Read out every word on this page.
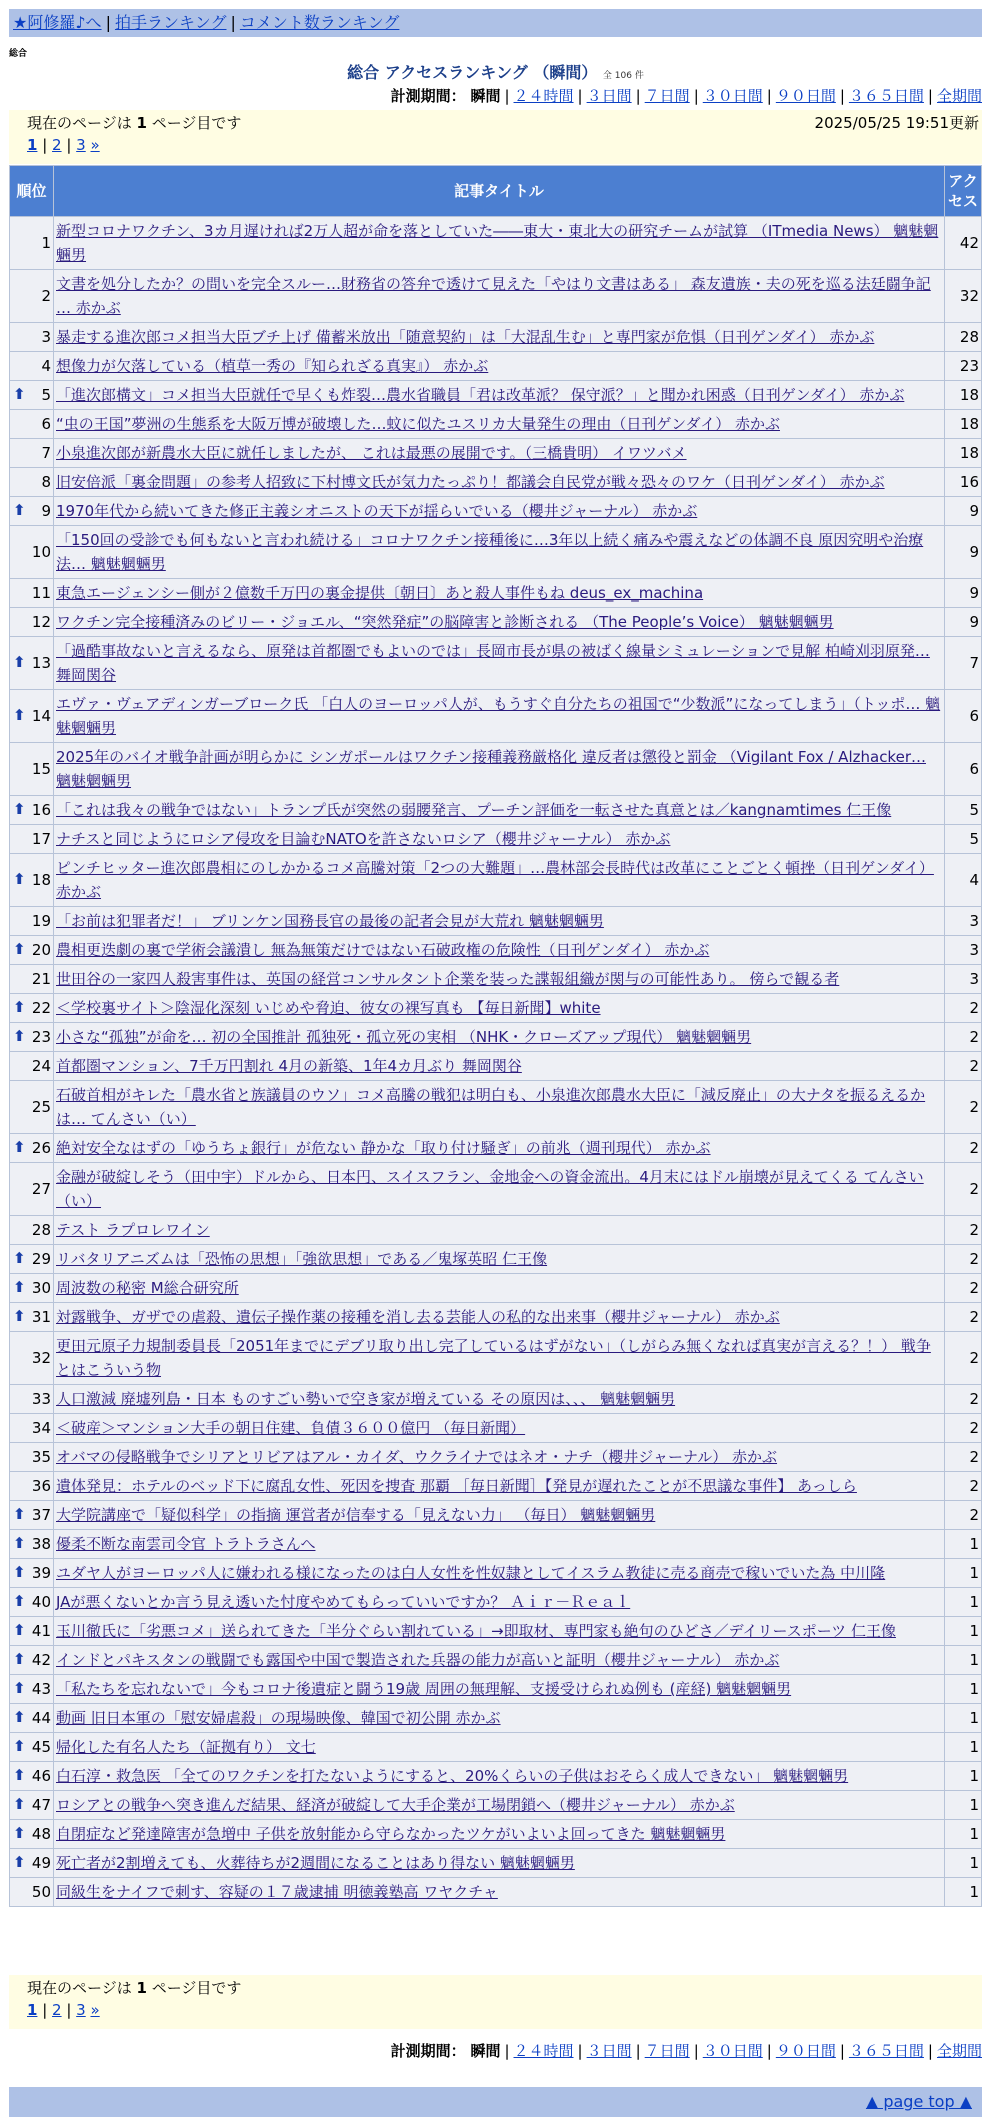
★阿修羅♪へ | 拍手ランキング | コメント数ランキング
総合
総合 アクセスランキング （瞬間） 全 106 件
計測期間： 瞬間 | ２４時間 | ３日間 | ７日間 | ３０日間 | ９０日間 | ３６５日間 | 全期間
現在のページは 1 ページ目です	2025/05/25 19:51更新
1 | 2 | 3 »
順位	記事タイトル	アクセス
1	新型コロナワクチン、3カ月遅ければ2万人超が命を落としていた――東大・東北大の研究チームが試算 （ITmedia News） 魑魅魍魎男	42
2	文書を処分したか？の問いを完全スルー…財務省の答弁で透けて見えた「やはり文書はある」 森友遺族・夫の死を巡る法廷闘争記 … 赤かぶ	32
3	暴走する進次郎コメ担当大臣ブチ上げ 備蓄米放出「随意契約」は「大混乱生む」と専門家が危惧（日刊ゲンダイ） 赤かぶ	28
4	想像力が欠落している（植草一秀の『知られざる真実』） 赤かぶ	23

⬆ 5	「進次郎構文」コメ担当大臣就任で早くも炸裂…農水省職員「君は改革派？ 保守派？」と聞かれ困惑（日刊ゲンダイ） 赤かぶ	18
6	“虫の王国”夢洲の生態系を大阪万博が破壊した…蚊に似たユスリカ大量発生の理由（日刊ゲンダイ） 赤かぶ	18
7	小泉進次郎が新農水大臣に就任しましたが、 これは最悪の展開です。（三橋貴明） イワツバメ	18
8	旧安倍派「裏金問題」の参考人招致に下村博文氏が気力たっぷり！都議会自民党が戦々恐々のワケ（日刊ゲンダイ） 赤かぶ	16

⬆ 9	1970年代から続いてきた修正主義シオニストの天下が揺らいでいる（櫻井ジャーナル） 赤かぶ	9
10	「150回の受診でも何もないと言われ続ける」コロナワクチン接種後に…3年以上続く痛みや震えなどの体調不良 原因究明や治療法… 魑魅魍魎男	9
11	東急エージェンシー側が２億数千万円の裏金提供〔朝日〕あと殺人事件もね deus_ex_machina	9
12	ワクチン完全接種済みのビリー・ジョエル、“突然発症”の脳障害と診断される （The People’s Voice） 魑魅魍魎男	9

⬆ 13	「過酷事故ないと言えるなら、原発は首都圏でもよいのでは」長岡市長が県の被ばく線量シミュレーションで見解 柏崎刈羽原発… 舞岡関谷	7

⬆ 14	エヴァ・ヴェアディンガーブローク氏 「白人のヨーロッパ人が、もうすぐ自分たちの祖国で“少数派”になってしまう」（トッポ… 魑魅魍魎男	6
15	2025年のバイオ戦争計画が明らかに シンガポールはワクチン接種義務厳格化 違反者は懲役と罰金 （Vigilant Fox / Alzhacker… 魑魅魍魎男	6

⬆ 16	「これは我々の戦争ではない」トランプ氏が突然の弱腰発言、プーチン評価を一転させた真意とは／kangnamtimes 仁王像	5
17	ナチスと同じようにロシア侵攻を目論むNATOを許さないロシア（櫻井ジャーナル） 赤かぶ	5

⬆ 18	ピンチヒッター進次郎農相にのしかかるコメ高騰対策「2つの大難題」…農林部会長時代は改革にことごとく頓挫（日刊ゲンダイ） 赤かぶ	4
19	「お前は犯罪者だ！」 ブリンケン国務長官の最後の記者会見が大荒れ 魑魅魍魎男	3

⬆ 20	農相更迭劇の裏で学術会議潰し 無為無策だけではない石破政権の危険性（日刊ゲンダイ） 赤かぶ	3
21	世田谷の一家四人殺害事件は、英国の経営コンサルタント企業を装った諜報組織が関与の可能性あり。 傍らで観る者	3

⬆ 22	＜学校裏サイト＞陰湿化深刻 いじめや脅迫、彼女の裸写真も 【毎日新聞】white	2

⬆ 23	小さな“孤独”が命を… 初の全国推計 孤独死・孤立死の実相 （NHK・クローズアップ現代） 魑魅魍魎男	2
24	首都圏マンション、7千万円割れ 4月の新築、1年4カ月ぶり 舞岡関谷	2
25	石破首相がキレた「農水省と族議員のウソ」コメ高騰の戦犯は明白も、小泉進次郎農水大臣に「減反廃止」の大ナタを振るえるかは… てんさい（い）	2

⬆ 26	絶対安全なはずの「ゆうちょ銀行」が危ない 静かな「取り付け騒ぎ」の前兆（週刊現代） 赤かぶ	2
27	金融が破綻しそう（田中宇）ドルから、日本円、スイスフラン、金地金への資金流出。4月末にはドル崩壊が見えてくる てんさい（い）	2
28	テスト ラプロレワイン	2

⬆ 29	リバタリアニズムは「恐怖の思想」「強欲思想」である／鬼塚英昭 仁王像	2

⬆ 30	周波数の秘密 M総合研究所	2

⬆ 31	対露戦争、ガザでの虐殺、遺伝子操作薬の接種を消し去る芸能人の私的な出来事（櫻井ジャーナル） 赤かぶ	2
32	更田元原子力規制委員長「2051年までにデブリ取り出し完了しているはずがない」（しがらみ無くなれば真実が言える？！） 戦争とはこういう物	2
33	人口激減 廃墟列島・日本 ものすごい勢いで空き家が増えている その原因は、、、 魑魅魍魎男	2
34	＜破産＞マンション大手の朝日住建、負債３６００億円 （毎日新聞）	2
35	オバマの侵略戦争でシリアとリビアはアル・カイダ、ウクライナではネオ・ナチ（櫻井ジャーナル） 赤かぶ	2
36	遺体発見：ホテルのベッド下に腐乱女性、死因を捜査 那覇 ［毎日新聞］【発見が遅れたことが不思議な事件】 あっしら	2

⬆ 37	大学院講座で「疑似科学」の指摘 運営者が信奉する「見えない力」 （毎日） 魑魅魍魎男	2

⬆ 38	優柔不断な南雲司令官 トラトラさんへ	1

⬆ 39	ユダヤ人がヨーロッパ人に嫌われる様になったのは白人女性を性奴隷としてイスラム教徒に売る商売で稼いでいた為 中川隆	1

⬆ 40	JAが悪くないとか言う見え透いた忖度やめてもらっていいですか？ Ａｉｒ－Ｒｅａｌ	1

⬆ 41	玉川徹氏に「劣悪コメ」送られてきた「半分ぐらい割れている」→即取材、専門家も絶句のひどさ／デイリースポーツ 仁王像	1

⬆ 42	インドとパキスタンの戦闘でも露国や中国で製造された兵器の能力が高いと証明（櫻井ジャーナル） 赤かぶ	1

⬆ 43	「私たちを忘れないで」今もコロナ後遺症と闘う19歳 周囲の無理解、支援受けられぬ例も (産経) 魑魅魍魎男	1

⬆ 44	動画 旧日本軍の「慰安婦虐殺」の現場映像、韓国で初公開 赤かぶ	1

⬆ 45	帰化した有名人たち（証拠有り） 文七	1

⬆ 46	白石淳・救急医 「全てのワクチンを打たないようにすると、20%くらいの子供はおそらく成人できない」 魑魅魍魎男	1

⬆ 47	ロシアとの戦争へ突き進んだ結果、経済が破綻して大手企業が工場閉鎖へ（櫻井ジャーナル） 赤かぶ	1

⬆ 48	自閉症など発達障害が急増中 子供を放射能から守らなかったツケがいよいよ回ってきた 魑魅魍魎男	1

⬆ 49	死亡者が2割増えても、火葬待ちが2週間になることはあり得ない 魑魅魍魎男	1
50	同級生をナイフで刺す、容疑の１７歳逮捕 明徳義塾高 ワヤクチャ	1
現在のページは 1 ページ目です
1 | 2 | 3 »
計測期間： 瞬間 | ２４時間 | ３日間 | ７日間 | ３０日間 | ９０日間 | ３６５日間 | 全期間
▲ page top ▲
